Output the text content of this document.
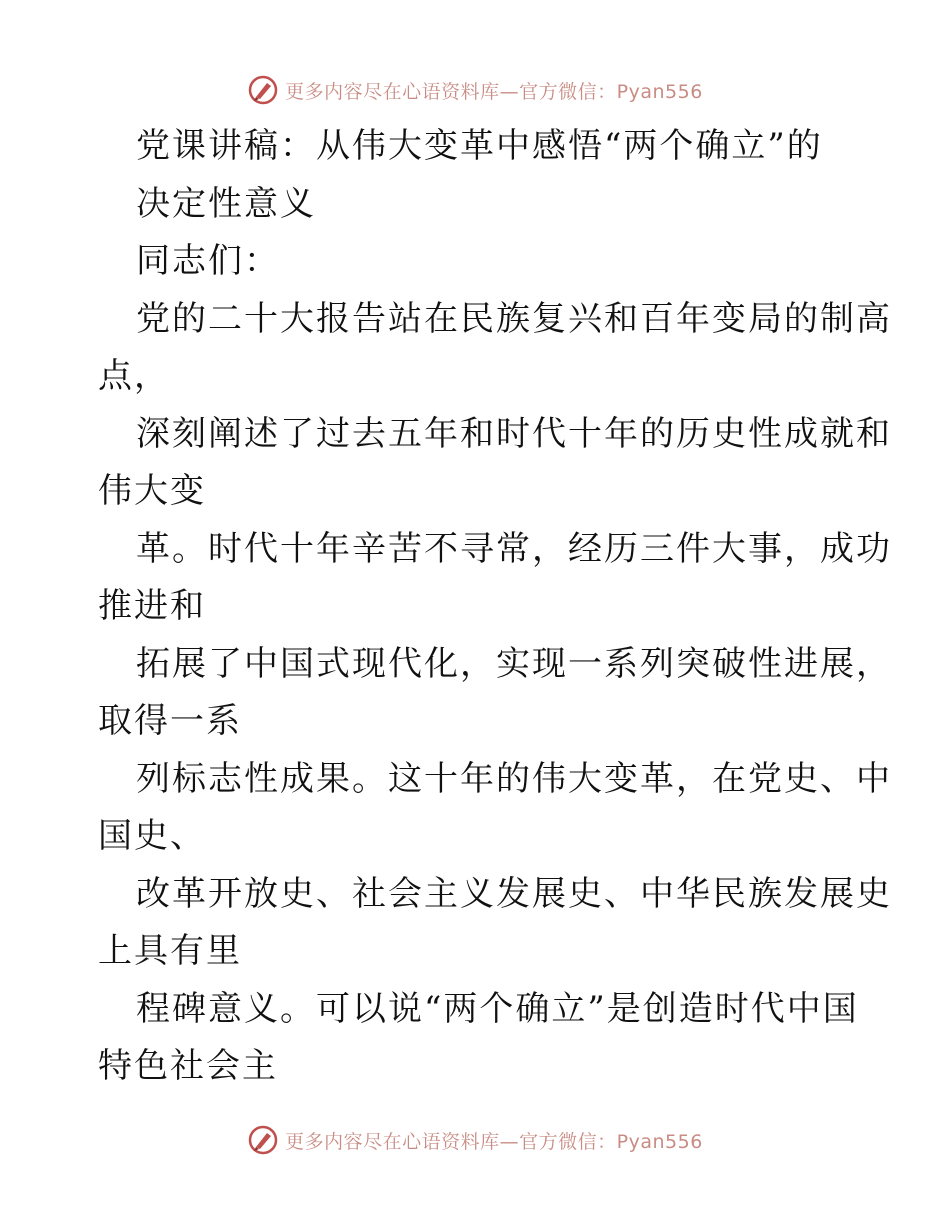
更多内容尽在心语资料库—官方微信：Pyan556
党课讲稿：从伟大变革中感悟“两个确立”的
决定性意义
同志们：
党的二十大报告站在民族复兴和百年变局的制高
点，
深刻阐述了过去五年和时代十年的历史性成就和
伟大变
革。时代十年辛苦不寻常，经历三件大事，成功
推进和
拓展了中国式现代化，实现一系列突破性进展，
取得一系
列标志性成果。这十年的伟大变革，在党史、中
国史、
改革开放史、社会主义发展史、中华民族发展史
上具有里
程碑意义。可以说“两个确立”是创造时代中国
特色社会主
更多内容尽在心语资料库—官方微信：Pyan556
